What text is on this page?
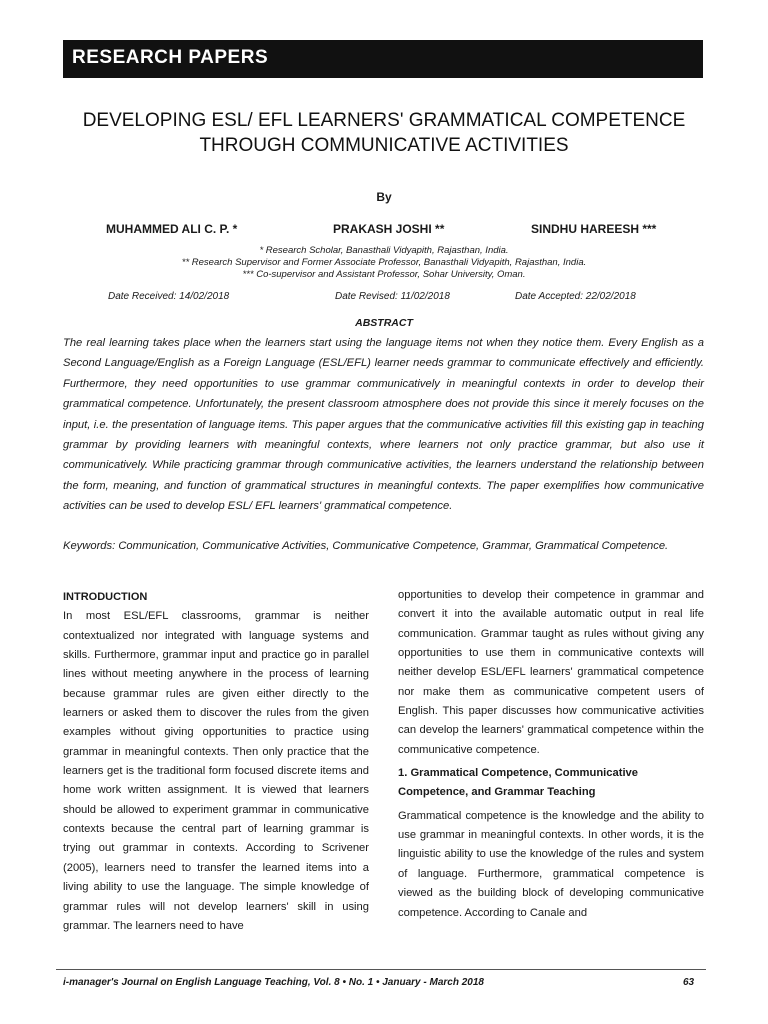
RESEARCH PAPERS
DEVELOPING ESL/ EFL LEARNERS' GRAMMATICAL COMPETENCE
THROUGH COMMUNICATIVE ACTIVITIES
By
MUHAMMED ALI C. P. *	PRAKASH JOSHI **	SINDHU HAREESH ***
* Research Scholar, Banasthali Vidyapith, Rajasthan, India.
** Research Supervisor and Former Associate Professor, Banasthali Vidyapith, Rajasthan, India.
*** Co-supervisor and Assistant Professor, Sohar University, Oman.
Date Received: 14/02/2018	Date Revised: 11/02/2018	Date Accepted: 22/02/2018
ABSTRACT

The real learning takes place when the learners start using the language items not when they notice them. Every English as a Second Language/English as a Foreign Language (ESL/EFL) learner needs grammar to communicate effectively and efficiently. Furthermore, they need opportunities to use grammar communicatively in meaningful contexts in order to develop their grammatical competence. Unfortunately, the present classroom atmosphere does not provide this since it merely focuses on the input, i.e. the presentation of language items. This paper argues that the communicative activities fill this existing gap in teaching grammar by providing learners with meaningful contexts, where learners not only practice grammar, but also use it communicatively. While practicing grammar through communicative activities, the learners understand the relationship between the form, meaning, and function of grammatical structures in meaningful contexts. The paper exemplifies how communicative activities can be used to develop ESL/ EFL learners' grammatical competence.

Keywords: Communication, Communicative Activities, Communicative Competence, Grammar, Grammatical Competence.

INTRODUCTION

In most ESL/EFL classrooms, grammar is neither contextualized nor integrated with language systems and skills. Furthermore, grammar input and practice go in parallel lines without meeting anywhere in the process of learning because grammar rules are given either directly to the learners or asked them to discover the rules from the given examples without giving opportunities to practice using grammar in meaningful contexts. Then only practice that the learners get is the traditional form focused discrete items and home work written assignment. It is viewed that learners should be allowed to experiment grammar in communicative contexts because the central part of learning grammar is trying out grammar in contexts. According to Scrivener (2005), learners need to transfer the learned items into a living ability to use the language. The simple knowledge of grammar rules will not develop learners' skill in using grammar. The learners need to have

opportunities to develop their competence in grammar and convert it into the available automatic output in real life communication. Grammar taught as rules without giving any opportunities to use them in communicative contexts will neither develop ESL/EFL learners' grammatical competence nor make them as communicative competent users of English. This paper discusses how communicative activities can develop the learners' grammatical competence within the communicative competence.

1. Grammatical Competence, Communicative Competence, and Grammar Teaching

Grammatical competence is the knowledge and the ability to use grammar in meaningful contexts. In other words, it is the linguistic ability to use the knowledge of the rules and system of language. Furthermore, grammatical competence is viewed as the building block of developing communicative competence. According to Canale and

i-manager's Journal on English Language Teaching, Vol. 8 • No. 1 • January - March 2018	63
